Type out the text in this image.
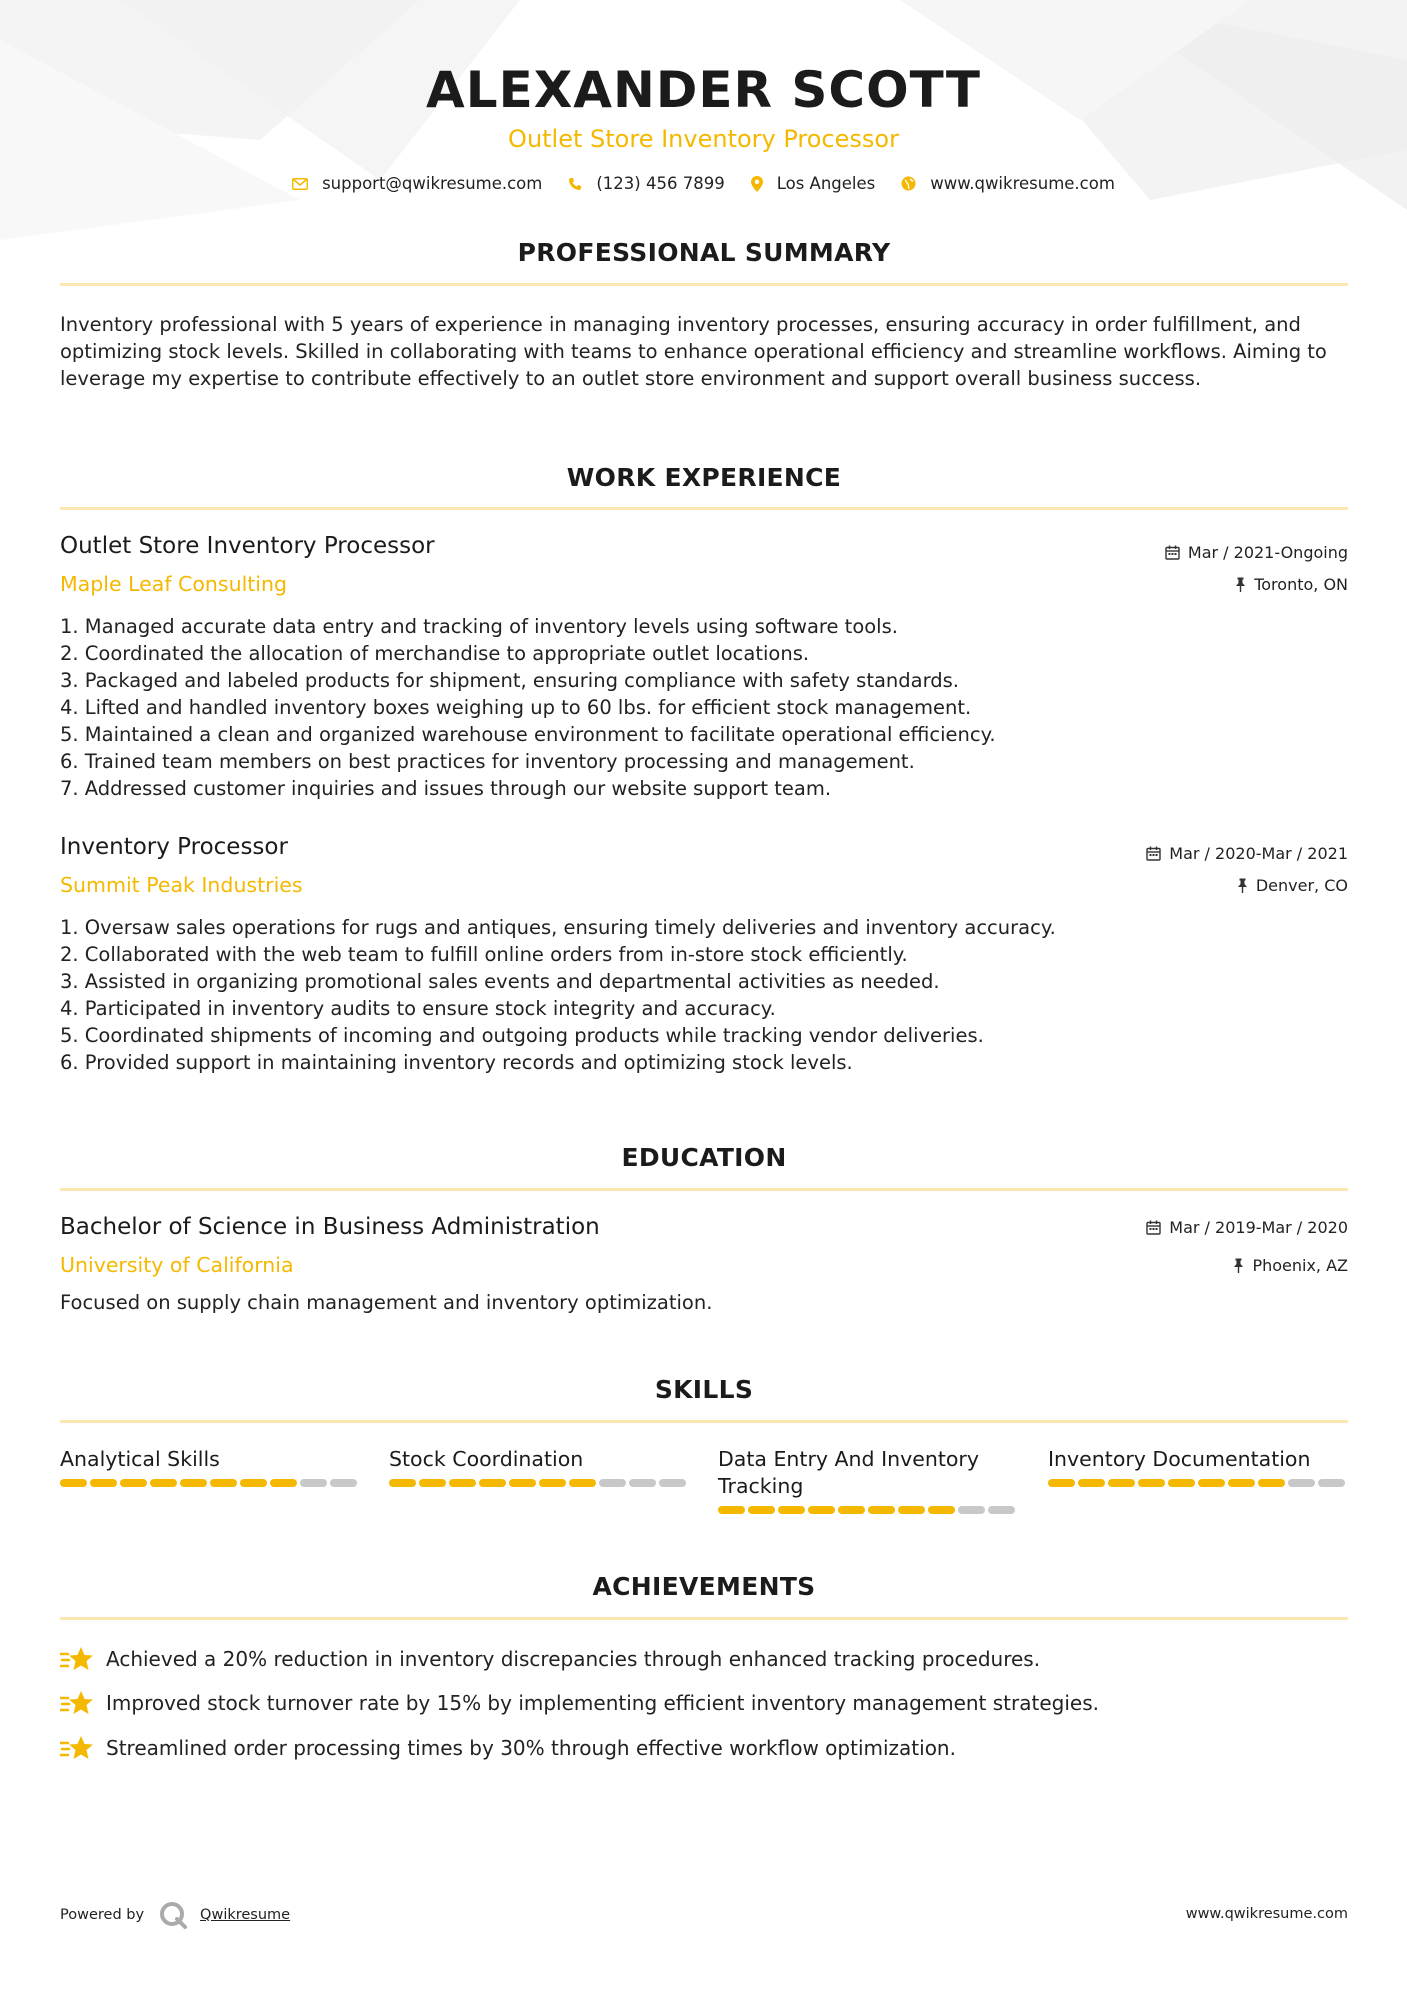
ALEXANDER SCOTT
Outlet Store Inventory Processor
support@qwikresume.com	(123) 456 7899	Los Angeles	www.qwikresume.com
PROFESSIONAL SUMMARY
Inventory professional with 5 years of experience in managing inventory processes, ensuring accuracy in order fulfillment, and optimizing stock levels. Skilled in collaborating with teams to enhance operational efficiency and streamline workflows. Aiming to leverage my expertise to contribute effectively to an outlet store environment and support overall business success.
WORK EXPERIENCE
Outlet Store Inventory Processor
Maple Leaf Consulting
Mar / 2021-Ongoing
Toronto, ON
1. Managed accurate data entry and tracking of inventory levels using software tools.
2. Coordinated the allocation of merchandise to appropriate outlet locations.
3. Packaged and labeled products for shipment, ensuring compliance with safety standards.
4. Lifted and handled inventory boxes weighing up to 60 lbs. for efficient stock management.
5. Maintained a clean and organized warehouse environment to facilitate operational efficiency.
6. Trained team members on best practices for inventory processing and management.
7. Addressed customer inquiries and issues through our website support team.
Inventory Processor
Summit Peak Industries
Mar / 2020-Mar / 2021
Denver, CO
1. Oversaw sales operations for rugs and antiques, ensuring timely deliveries and inventory accuracy.
2. Collaborated with the web team to fulfill online orders from in-store stock efficiently.
3. Assisted in organizing promotional sales events and departmental activities as needed.
4. Participated in inventory audits to ensure stock integrity and accuracy.
5. Coordinated shipments of incoming and outgoing products while tracking vendor deliveries.
6. Provided support in maintaining inventory records and optimizing stock levels.
EDUCATION
Bachelor of Science in Business Administration
University of California
Mar / 2019-Mar / 2020
Phoenix, AZ
Focused on supply chain management and inventory optimization.
SKILLS
Analytical Skills	Stock Coordination	Data Entry And Inventory Tracking
Inventory Documentation
ACHIEVEMENTS
Achieved a 20% reduction in inventory discrepancies through enhanced tracking procedures.
Improved stock turnover rate by 15% by implementing efficient inventory management strategies.
Streamlined order processing times by 30% through effective workflow optimization.
Powered by	Qwikresume	www.qwikresume.com
